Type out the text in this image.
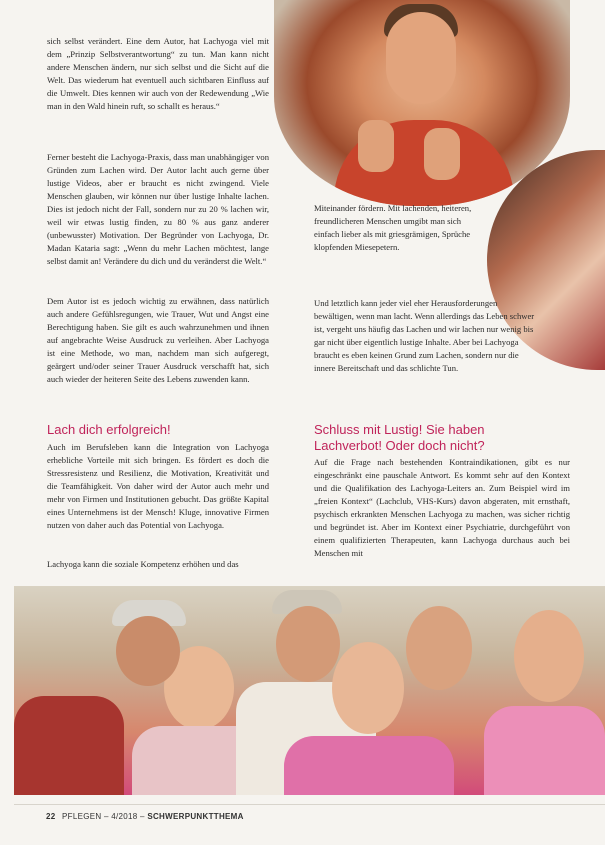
sich selbst verändert. Eine dem Autor, hat Lachyoga viel mit dem „Prinzip Selbstverantwortung“ zu tun. Man kann nicht andere Menschen ändern, nur sich selbst und die Sicht auf die Welt. Das wiederum hat eventuell auch sichtbaren Einfluss auf die Umwelt. Dies kennen wir auch von der Redewendung „Wie man in den Wald hinein ruft, so schallt es heraus.“

Ferner besteht die Lachyoga-Praxis, dass man unabhängiger von Gründen zum Lachen wird. Der Autor lacht auch gerne über lustige Videos, aber er braucht es nicht zwingend. Viele Menschen glauben, wir können nur über lustige Inhalte lachen. Dies ist jedoch nicht der Fall, sondern nur zu 20 % lachen wir, weil wir etwas lustig finden, zu 80 % aus ganz anderer (unbewusster) Motivation. Der Begründer von Lachyoga, Dr. Madan Kataria sagt: „Wenn du mehr Lachen möchtest, lange selbst damit an! Verändere du dich und du veränderst die Welt.“

Dem Autor ist es jedoch wichtig zu erwähnen, dass natürlich auch andere Gefühlsregungen, wie Trauer, Wut und Angst eine Berechtigung haben. Sie gilt es auch wahrzunehmen und ihnen auf angebrachte Weise Ausdruck zu verleihen. Aber Lachyoga ist eine Methode, wo man, nachdem man sich aufgeregt, geärgert und/oder seiner Trauer Ausdruck verschafft hat, sich auch wieder der heiteren Seite des Lebens zuwenden kann.

Lach dich erfolgreich!

Auch im Berufsleben kann die Integration von Lachyoga erhebliche Vorteile mit sich bringen. Es fördert es doch die Stressresistenz und Resilienz, die Motivation, Kreativität und die Teamfähigkeit. Von daher wird der Autor auch mehr und mehr von Firmen und Institutionen gebucht. Das größte Kapital eines Unternehmens ist der Mensch! Kluge, innovative Firmen nutzen von daher auch das Potential von Lachyoga.

Lachyoga kann die soziale Kompetenz erhöhen und das

Miteinander fördern. Mit lachenden, heiteren, freundlicheren Menschen umgibt man sich einfach lieber als mit griesgrämigen, Sprüche klopfenden Miesepetern.

Und letztlich kann jeder viel eher Herausforderungen bewältigen, wenn man lacht. Wenn allerdings das Leben schwer ist, vergeht uns häufig das Lachen und wir lachen nur wenig bis gar nicht über eigentlich lustige Inhalte. Aber bei Lachyoga braucht es eben keinen Grund zum Lachen, sondern nur die innere Bereitschaft und das schlichte Tun.

Schluss mit Lustig! Sie haben Lachverbot! Oder doch nicht?

Auf die Frage nach bestehenden Kontraindikationen, gibt es nur eingeschränkt eine pauschale Antwort. Es kommt sehr auf den Kontext und die Qualifikation des Lachyoga-Leiters an. Zum Beispiel wird im „freien Kontext“ (Lachclub, VHS-Kurs) davon abgeraten, mit ernsthaft, psychisch erkrankten Menschen Lachyoga zu machen, was sicher richtig und begründet ist. Aber im Kontext einer Psychiatrie, durchgeführt von einem qualifizierten Therapeuten, kann Lachyoga durchaus auch bei Menschen mit

22 PFLEGEN – 4/2018 – SCHWERPUNKTTHEMA
